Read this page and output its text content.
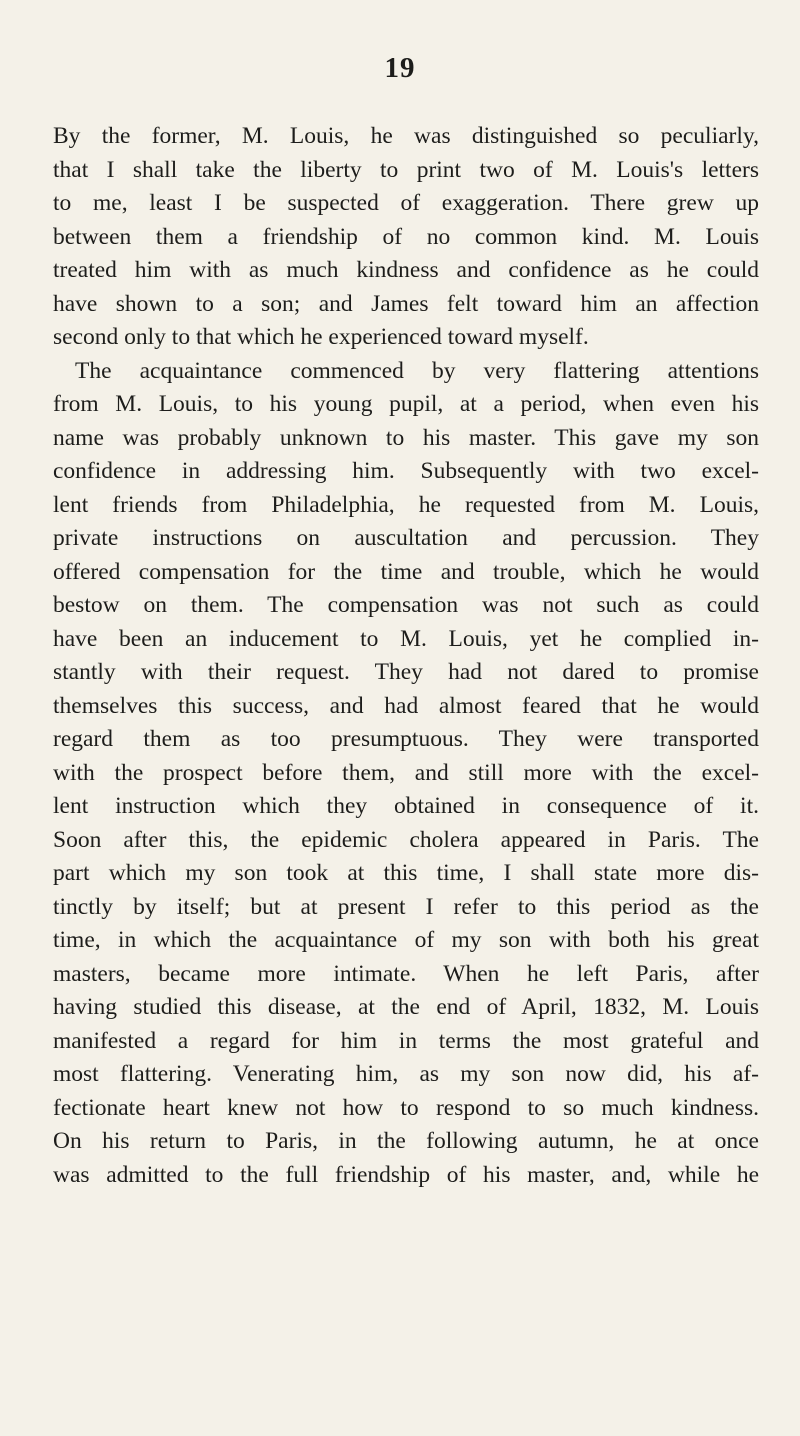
19
By the former, M. Louis, he was distinguished so peculiarly,
that I shall take the liberty to print two of M. Louis's letters
to me, least I be suspected of exaggeration. There grew up
between them a friendship of no common kind. M. Louis
treated him with as much kindness and confidence as he could
have shown to a son; and James felt toward him an affection
second only to that which he experienced toward myself.
The acquaintance commenced by very flattering attentions
from M. Louis, to his young pupil, at a period, when even his
name was probably unknown to his master. This gave my son
confidence in addressing him. Subsequently with two excel-
lent friends from Philadelphia, he requested from M. Louis,
private instructions on auscultation and percussion. They
offered compensation for the time and trouble, which he would
bestow on them. The compensation was not such as could
have been an inducement to M. Louis, yet he complied in-
stantly with their request. They had not dared to promise
themselves this success, and had almost feared that he would
regard them as too presumptuous. They were transported
with the prospect before them, and still more with the excel-
lent instruction which they obtained in consequence of it.
Soon after this, the epidemic cholera appeared in Paris. The
part which my son took at this time, I shall state more dis-
tinctly by itself; but at present I refer to this period as the
time, in which the acquaintance of my son with both his great
masters, became more intimate. When he left Paris, after
having studied this disease, at the end of April, 1832, M. Louis
manifested a regard for him in terms the most grateful and
most flattering. Venerating him, as my son now did, his af-
fectionate heart knew not how to respond to so much kindness.
On his return to Paris, in the following autumn, he at once
was admitted to the full friendship of his master, and, while he
